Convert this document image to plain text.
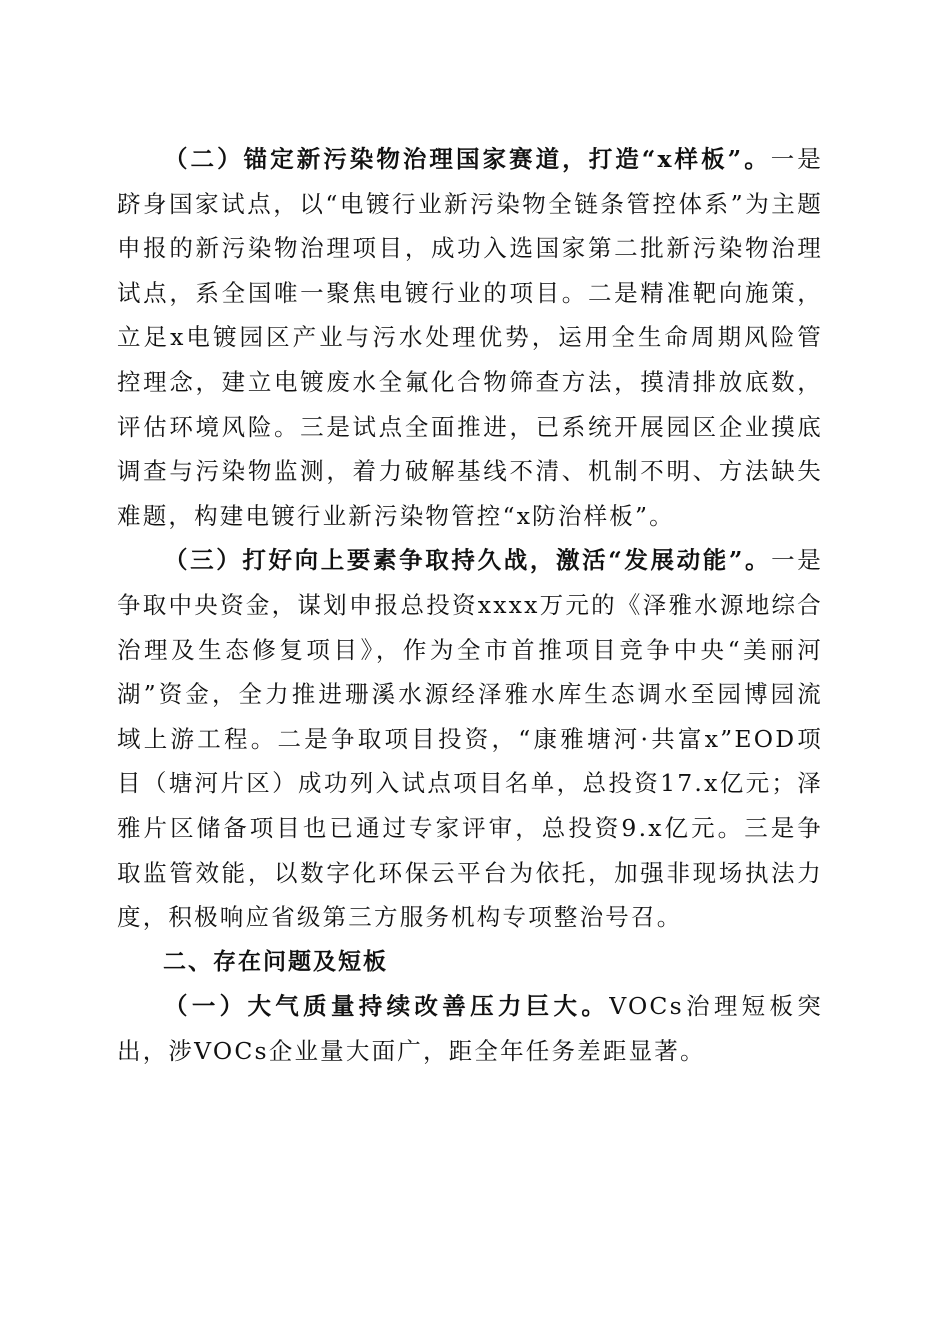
（二）锚定新污染物治理国家赛道，打造“x样板”。一是跻身国家试点，以“电镀行业新污染物全链条管控体系”为主题申报的新污染物治理项目，成功入选国家第二批新污染物治理试点，系全国唯一聚焦电镀行业的项目。二是精准靶向施策，立足x电镀园区产业与污水处理优势，运用全生命周期风险管控理念，建立电镀废水全氟化合物筛查方法，摸清排放底数，评估环境风险。三是试点全面推进，已系统开展园区企业摸底调查与污染物监测，着力破解基线不清、机制不明、方法缺失难题，构建电镀行业新污染物管控“x防治样板”。

（三）打好向上要素争取持久战，激活“发展动能”。一是争取中央资金，谋划申报总投资xxxx万元的《泽雅水源地综合治理及生态修复项目》，作为全市首推项目竞争中央“美丽河湖”资金，全力推进珊溪水源经泽雅水库生态调水至园博园流域上游工程。二是争取项目投资，“康雅塘河·共富x”EOD项目（塘河片区）成功列入试点项目名单，总投资17.x亿元；泽雅片区储备项目也已通过专家评审，总投资9.x亿元。三是争取监管效能，以数字化环保云平台为依托，加强非现场执法力度，积极响应省级第三方服务机构专项整治号召。

二、存在问题及短板

（一）大气质量持续改善压力巨大。VOCs治理短板突出，涉VOCs企业量大面广，距全年任务差距显著。
